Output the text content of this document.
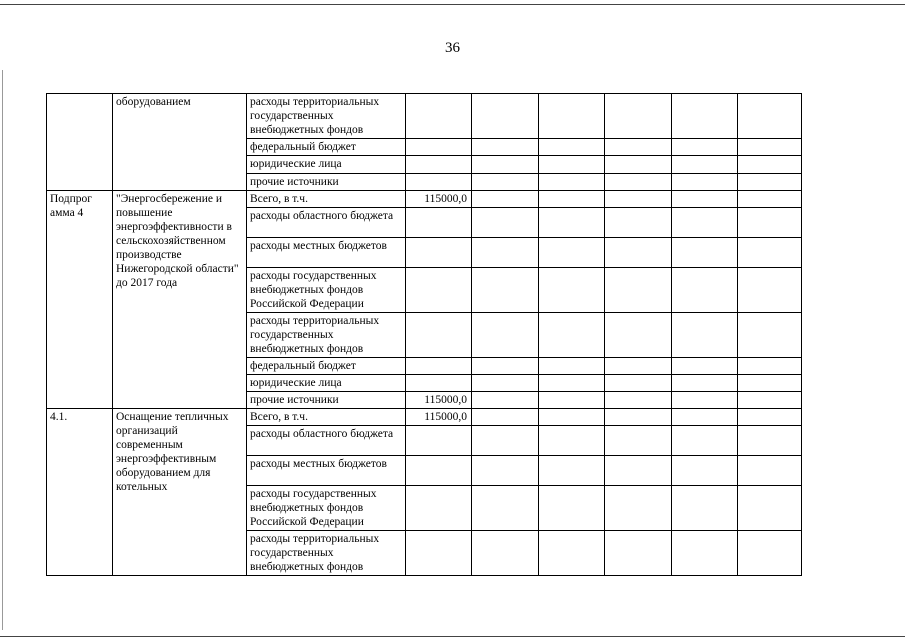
36
	оборудованием	расходы территориальных государственных внебюджетных фондов						
		федеральный бюджет						
		юридические лица						
		прочие источники						
Подпрог амма 4	"Энергосбережение и повышение энергоэффективности в сельскохозяйственном производстве Нижегородской области" до 2017 года	Всего, в т.ч.	115000,0					
		расходы областного бюджета						
		расходы местных бюджетов						
		расходы государственных внебюджетных фондов Российской Федерации						
		расходы территориальных государственных внебюджетных фондов						
		федеральный бюджет						
		юридические лица						
		прочие источники	115000,0					
4.1.	Оснащение тепличных организаций современным энергоэффективным оборудованием для котельных	Всего, в т.ч.	115000,0					
		расходы областного бюджета						
		расходы местных бюджетов						
		расходы государственных внебюджетных фондов Российской Федерации						
		расходы территориальных государственных внебюджетных фондов						
